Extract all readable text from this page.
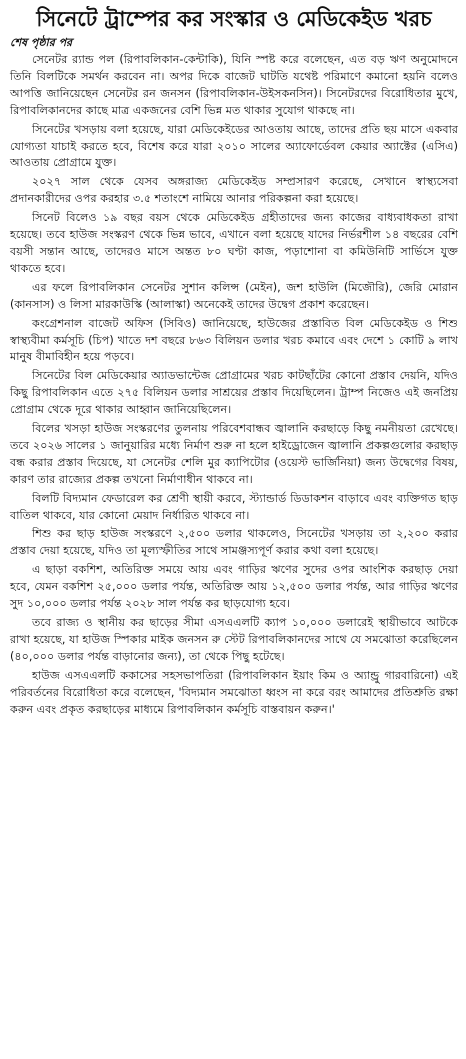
সিনেটে ট্রাম্পের কর সংস্কার ও মেডিকেইড খরচ
শেষ পৃষ্ঠার পর

সেনেটর র‍্যান্ড পল (রিপাবলিকান-কেন্টাকি), যিনি স্পষ্ট করে বলেছেন, এত বড় ঋণ অনুমোদনে তিনি বিলটিকে সমর্থন করবেন না। অপর দিকে বাজেট ঘাটতি যথেষ্ট পরিমাণে কমানো হয়নি বলেও আপত্তি জানিয়েছেন সেনেটর রন জনসন (রিপাবলিকান-উইসকনসিন)। সিনেটরদের বিরোধিতার মুখে, রিপাবলিকানদের কাছে মাত্র একজনের বেশি ভিন্ন মত থাকার সুযোগ থাকছে না।

সিনেটের খসড়ায় বলা হয়েছে, যারা মেডিকেইডের আওতায় আছে, তাদের প্রতি ছয় মাসে একবার যোগ্যতা যাচাই করতে হবে, বিশেষ করে যারা ২০১০ সালের অ্যাফোর্ডেবল কেয়ার অ্যাক্টের (এসিএ) আওতায় প্রোগ্রামে যুক্ত।

২০২৭ সাল থেকে যেসব অঙ্গরাজ্য মেডিকেইড সম্প্রসারণ করেছে, সেখানে স্বাস্থ্যসেবা প্রদানকারীদের ওপর করহার ৩.৫ শতাংশে নামিয়ে আনার পরিকল্পনা করা হয়েছে।

সিনেট বিলেও ১৯ বছর বয়স থেকে মেডিকেইড গ্রহীতাদের জন্য কাজের বাধ্যবাধকতা রাখা হয়েছে। তবে হাউজ সংস্করণ থেকে ভিন্ন ভাবে, এখানে বলা হয়েছে যাদের নির্ভরশীল ১৪ বছরের বেশি বয়সী সন্তান আছে, তাদেরও মাসে অন্তত ৮০ ঘণ্টা কাজ, পড়াশোনা বা কমিউনিটি সার্ভিসে যুক্ত থাকতে হবে।

এর ফলে রিপাবলিকান সেনেটর সুশান কলিন্স (মেইন), জশ হাউলি (মিজৌরি), জেরি মোরান (কানসাস) ও লিসা মারকাউস্কি (আলাস্কা) অনেকেই তাদের উদ্বেগ প্রকাশ করেছেন।

কংগ্রেশনাল বাজেট অফিস (সিবিও) জানিয়েছে, হাউজের প্রস্তাবিত বিল মেডিকেইড ও শিশু স্বাস্থ্যবীমা কর্মসূচি (চিপ) খাতে দশ বছরে ৮৬৩ বিলিয়ন ডলার খরচ কমাবে এবং দেশে ১ কোটি ৯ লাখ মানুষ বীমাবিহীন হয়ে পড়বে।

সিনেটের বিল মেডিকেয়ার অ্যাডভান্টেজ প্রোগ্রামের খরচ কাটছাঁটের কোনো প্রস্তাব দেয়নি, যদিও কিছু রিপাবলিকান এতে ২৭৫ বিলিয়ন ডলার সাশ্রয়ের প্রস্তাব দিয়েছিলেন। ট্রাম্প নিজেও এই জনপ্রিয় প্রোগ্রাম থেকে দূরে থাকার আহ্বান জানিয়েছিলেন।

বিলের খসড়া হাউজ সংস্করণের তুলনায় পরিবেশবান্ধব জ্বালানি করছাড়ে কিছু নমনীয়তা রেখেছে। তবে ২০২৬ সালের ১ জানুয়ারির মধ্যে নির্মাণ শুরু না হলে হাইড্রোজেন জ্বালানি প্রকল্পগুলোর করছাড় বন্ধ করার প্রস্তাব দিয়েছে, যা সেনেটর শেলি মুর ক্যাপিটোর (ওয়েস্ট ভার্জিনিয়া) জন্য উদ্বেগের বিষয়, কারণ তার রাজ্যের প্রকল্প তখনো নির্মাণাধীন থাকবে না।

বিলটি বিদ্যমান ফেডারেল কর শ্রেণী স্থায়ী করবে, স্ট্যান্ডার্ড ডিডাকশন বাড়াবে এবং ব্যক্তিগত ছাড় বাতিল থাকবে, যার কোনো মেয়াদ নির্ধারিত থাকবে না।

শিশু কর ছাড় হাউজ সংস্করণে ২,৫০০ ডলার থাকলেও, সিনেটের খসড়ায় তা ২,২০০ করার প্রস্তাব দেয়া হয়েছে, যদিও তা মূল্যস্ফীতির সাথে সামঞ্জস্যপূর্ণ করার কথা বলা হয়েছে।

এ ছাড়া বকশিশ, অতিরিক্ত সময়ে আয় এবং গাড়ির ঋণের সুদের ওপর আংশিক করছাড় দেয়া হবে, যেমন বকশিশ ২৫,০০০ ডলার পর্যন্ত, অতিরিক্ত আয় ১২,৫০০ ডলার পর্যন্ত, আর গাড়ির ঋণের সুদ ১০,০০০ ডলার পর্যন্ত ২০২৮ সাল পর্যন্ত কর ছাড়যোগ্য হবে।

তবে রাজ্য ও স্থানীয় কর ছাড়ের সীমা এসএএলটি ক্যাপ ১০,০০০ ডলারেই স্থায়ীভাবে আটকে রাখা হয়েছে, যা হাউজ স্পিকার মাইক জনসন রু স্টেট রিপাবলিকানদের সাথে যে সমঝোতা করেছিলেন (৪০,০০০ ডলার পর্যন্ত বাড়ানোর জন্য), তা থেকে পিছু হটেছে।

হাউজ এসএএলটি ককাসের সহসভাপতিরা (রিপাবলিকান ইয়াং কিম ও অ্যান্ড্রু গারবারিনো) এই পরিবর্তনের বিরোধিতা করে বলেছেন, 'বিদ্যমান সমঝোতা ধ্বংস না করে বরং আমাদের প্রতিশ্রুতি রক্ষা করুন এবং প্রকৃত করছাড়ের মাধ্যমে রিপাবলিকান কর্মসূচি বাস্তবায়ন করুন।'
